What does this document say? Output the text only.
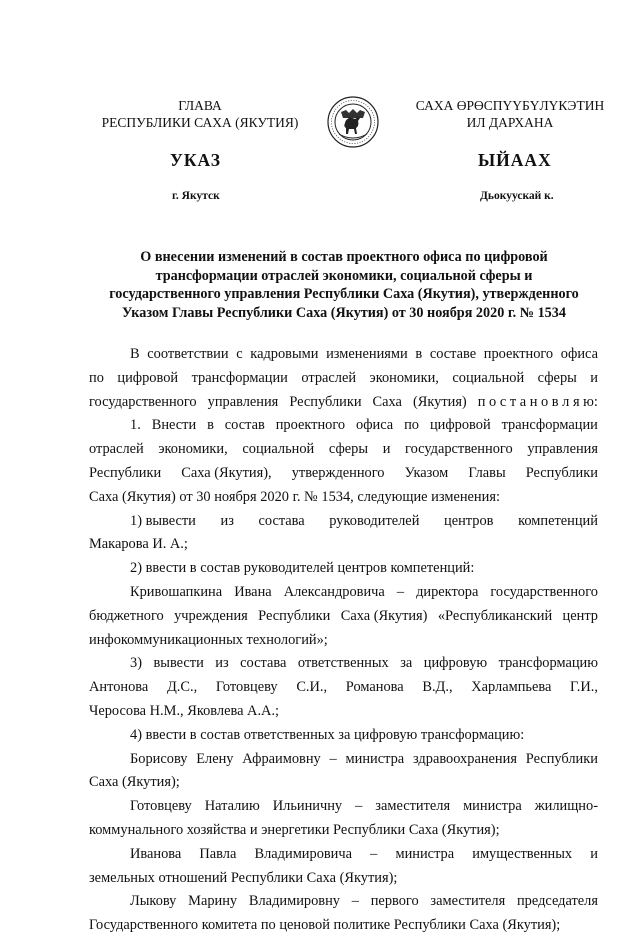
ГЛАВА
РЕСПУБЛИКИ САХА (ЯКУТИЯ)
САХА ӨРӨСПҮҮБҮЛҮКЭТИН
ИЛ ДАРХАНА
УКАЗ	ЫЙААХ
г. Якутск	Дьокуускай к.
О внесении изменений в состав проектного офиса по цифровой
трансформации отраслей экономики, социальной сферы и
государственного управления Республики Саха (Якутия), утвержденного
Указом Главы Республики Саха (Якутия) от 30 ноября 2020 г. № 1534
В соответствии с кадровыми изменениями в составе проектного офиса
по цифровой трансформации отраслей экономики, социальной сферы и
государственного управления Республики Саха (Якутия) п о с т а н о в л я ю:
1. Внести в состав проектного офиса по цифровой трансформации
отраслей экономики, социальной сферы и государственного управления
Республики Саха (Якутия), утвержденного Указом Главы Республики
Саха (Якутия) от 30 ноября 2020 г. № 1534, следующие изменения:
1) вывести из состава руководителей центров компетенций
Макарова И. А.;
2) ввести в состав руководителей центров компетенций:
Кривошапкина Ивана Александровича – директора государственного
бюджетного учреждения Республики Саха (Якутия) «Республиканский центр
инфокоммуникационных технологий»;
3) вывести из состава ответственных за цифровую трансформацию
Антонова Д.С., Готовцеву С.И., Романова В.Д., Харлампьева Г.И.,
Черосова Н.М., Яковлева А.А.;
4) ввести в состав ответственных за цифровую трансформацию:
Борисову Елену Афраимовну – министра здравоохранения Республики
Саха (Якутия);
Готовцеву Наталию Ильиничну – заместителя министра жилищно-
коммунального хозяйства и энергетики Республики Саха (Якутия);
Иванова Павла Владимировича – министра имущественных и
земельных отношений Республики Саха (Якутия);
Лыкову Марину Владимировну – первого заместителя председателя
Государственного комитета по ценовой политике Республики Саха (Якутия);
